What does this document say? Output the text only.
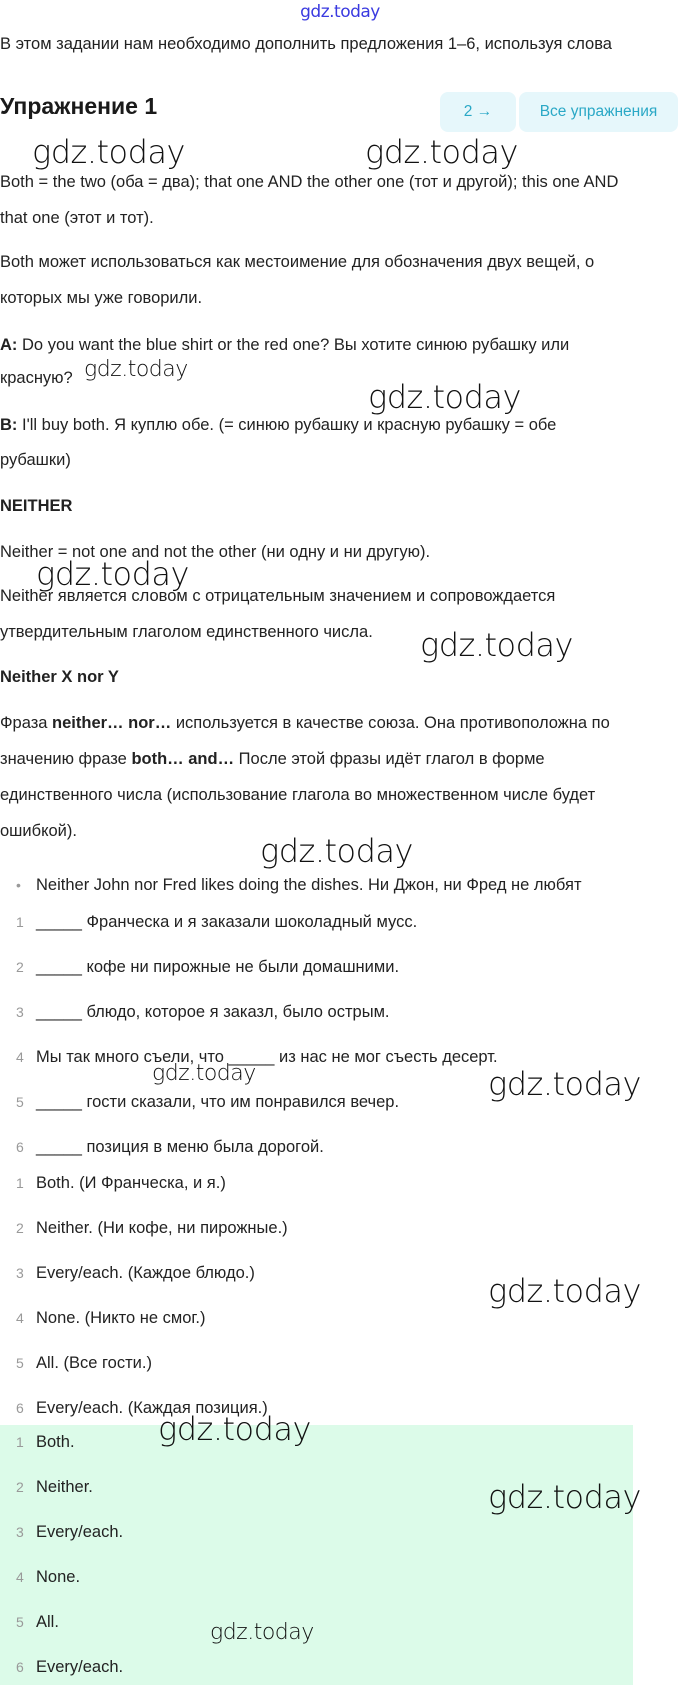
gdz.today
В этом задании нам необходимо дополнить предложения 1–6, используя слова
Упражнение 1	2 →	Все упражнения
Both = the two (оба = два); that one AND the other one (тот и другой); this one AND
that one (этот и тот).
Both может использоваться как местоимение для обозначения двух вещей, о
которых мы уже говорили.
A: Do you want the blue shirt or the red one? Вы хотите синюю рубашку или
красную?
B: I'll buy both. Я куплю обе. (= синюю рубашку и красную рубашку = обе
рубашки)
NEITHER
Neither = not one and not the other (ни одну и ни другую).
Neither является словом с отрицательным значением и сопровождается
утвердительным глаголом единственного числа.
Neither X nor Y
Фраза neither… nor… используется в качестве союза. Она противоположна по
значению фразе both… and… После этой фразы идёт глагол в форме
единственного числа (использование глагола во множественном числе будет
ошибкой).
• Neither John nor Fred likes doing the dishes. Ни Джон, ни Фред не любят
1 _____ Франческа и я заказали шоколадный мусс.
2 _____ кофе ни пирожные не были домашними.
3 _____ блюдо, которое я заказл, было острым.
4 Мы так много съели, что _____ из нас не мог съесть десерт.
5 _____ гости сказали, что им понравился вечер.
6 _____ позиция в меню была дорогой.
1 Both. (И Франческа, и я.)
2 Neither. (Ни кофе, ни пирожные.)
3 Every/each. (Каждое блюдо.)
4 None. (Никто не смог.)
5 All. (Все гости.)
6 Every/each. (Каждая позиция.)
1 Both.
2 Neither.
3 Every/each.
4 None.
5 All.
6 Every/each.
gdz.today	gdz.today
gdz.today
gdz.today
gdz.today
gdz.today
gdz.today
gdz.today	gdz.today
gdz.today
gdz.today
gdz.today
gdz.today
